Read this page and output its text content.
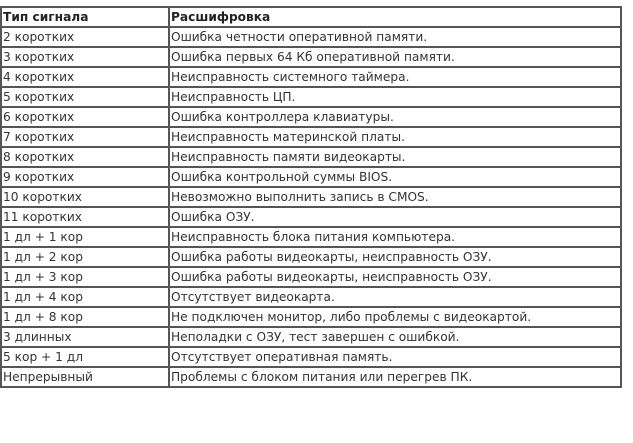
Тип сигнала	Расшифровка
2 коротких	Ошибка четности оперативной памяти.
3 коротких	Ошибка первых 64 Кб оперативной памяти.
4 коротких	Неисправность системного таймера.
5 коротких	Неисправность ЦП.
6 коротких	Ошибка контроллера клавиатуры.
7 коротких	Неисправность материнской платы.
8 коротких	Неисправность памяти видеокарты.
9 коротких	Ошибка контрольной суммы BIOS.
10 коротких	Невозможно выполнить запись в CMOS.
11 коротких	Ошибка ОЗУ.
1 дл + 1 кор	Неисправность блока питания компьютера.
1 дл + 2 кор	Ошибка работы видеокарты, неисправность ОЗУ.
1 дл + 3 кор	Ошибка работы видеокарты, неисправность ОЗУ.
1 дл + 4 кор	Отсутствует видеокарта.
1 дл + 8 кор	Не подключен монитор, либо проблемы с видеокартой.
3 длинных	Неполадки с ОЗУ, тест завершен с ошибкой.
5 кор + 1 дл	Отсутствует оперативная память.
Непрерывный	Проблемы с блоком питания или перегрев ПК.
